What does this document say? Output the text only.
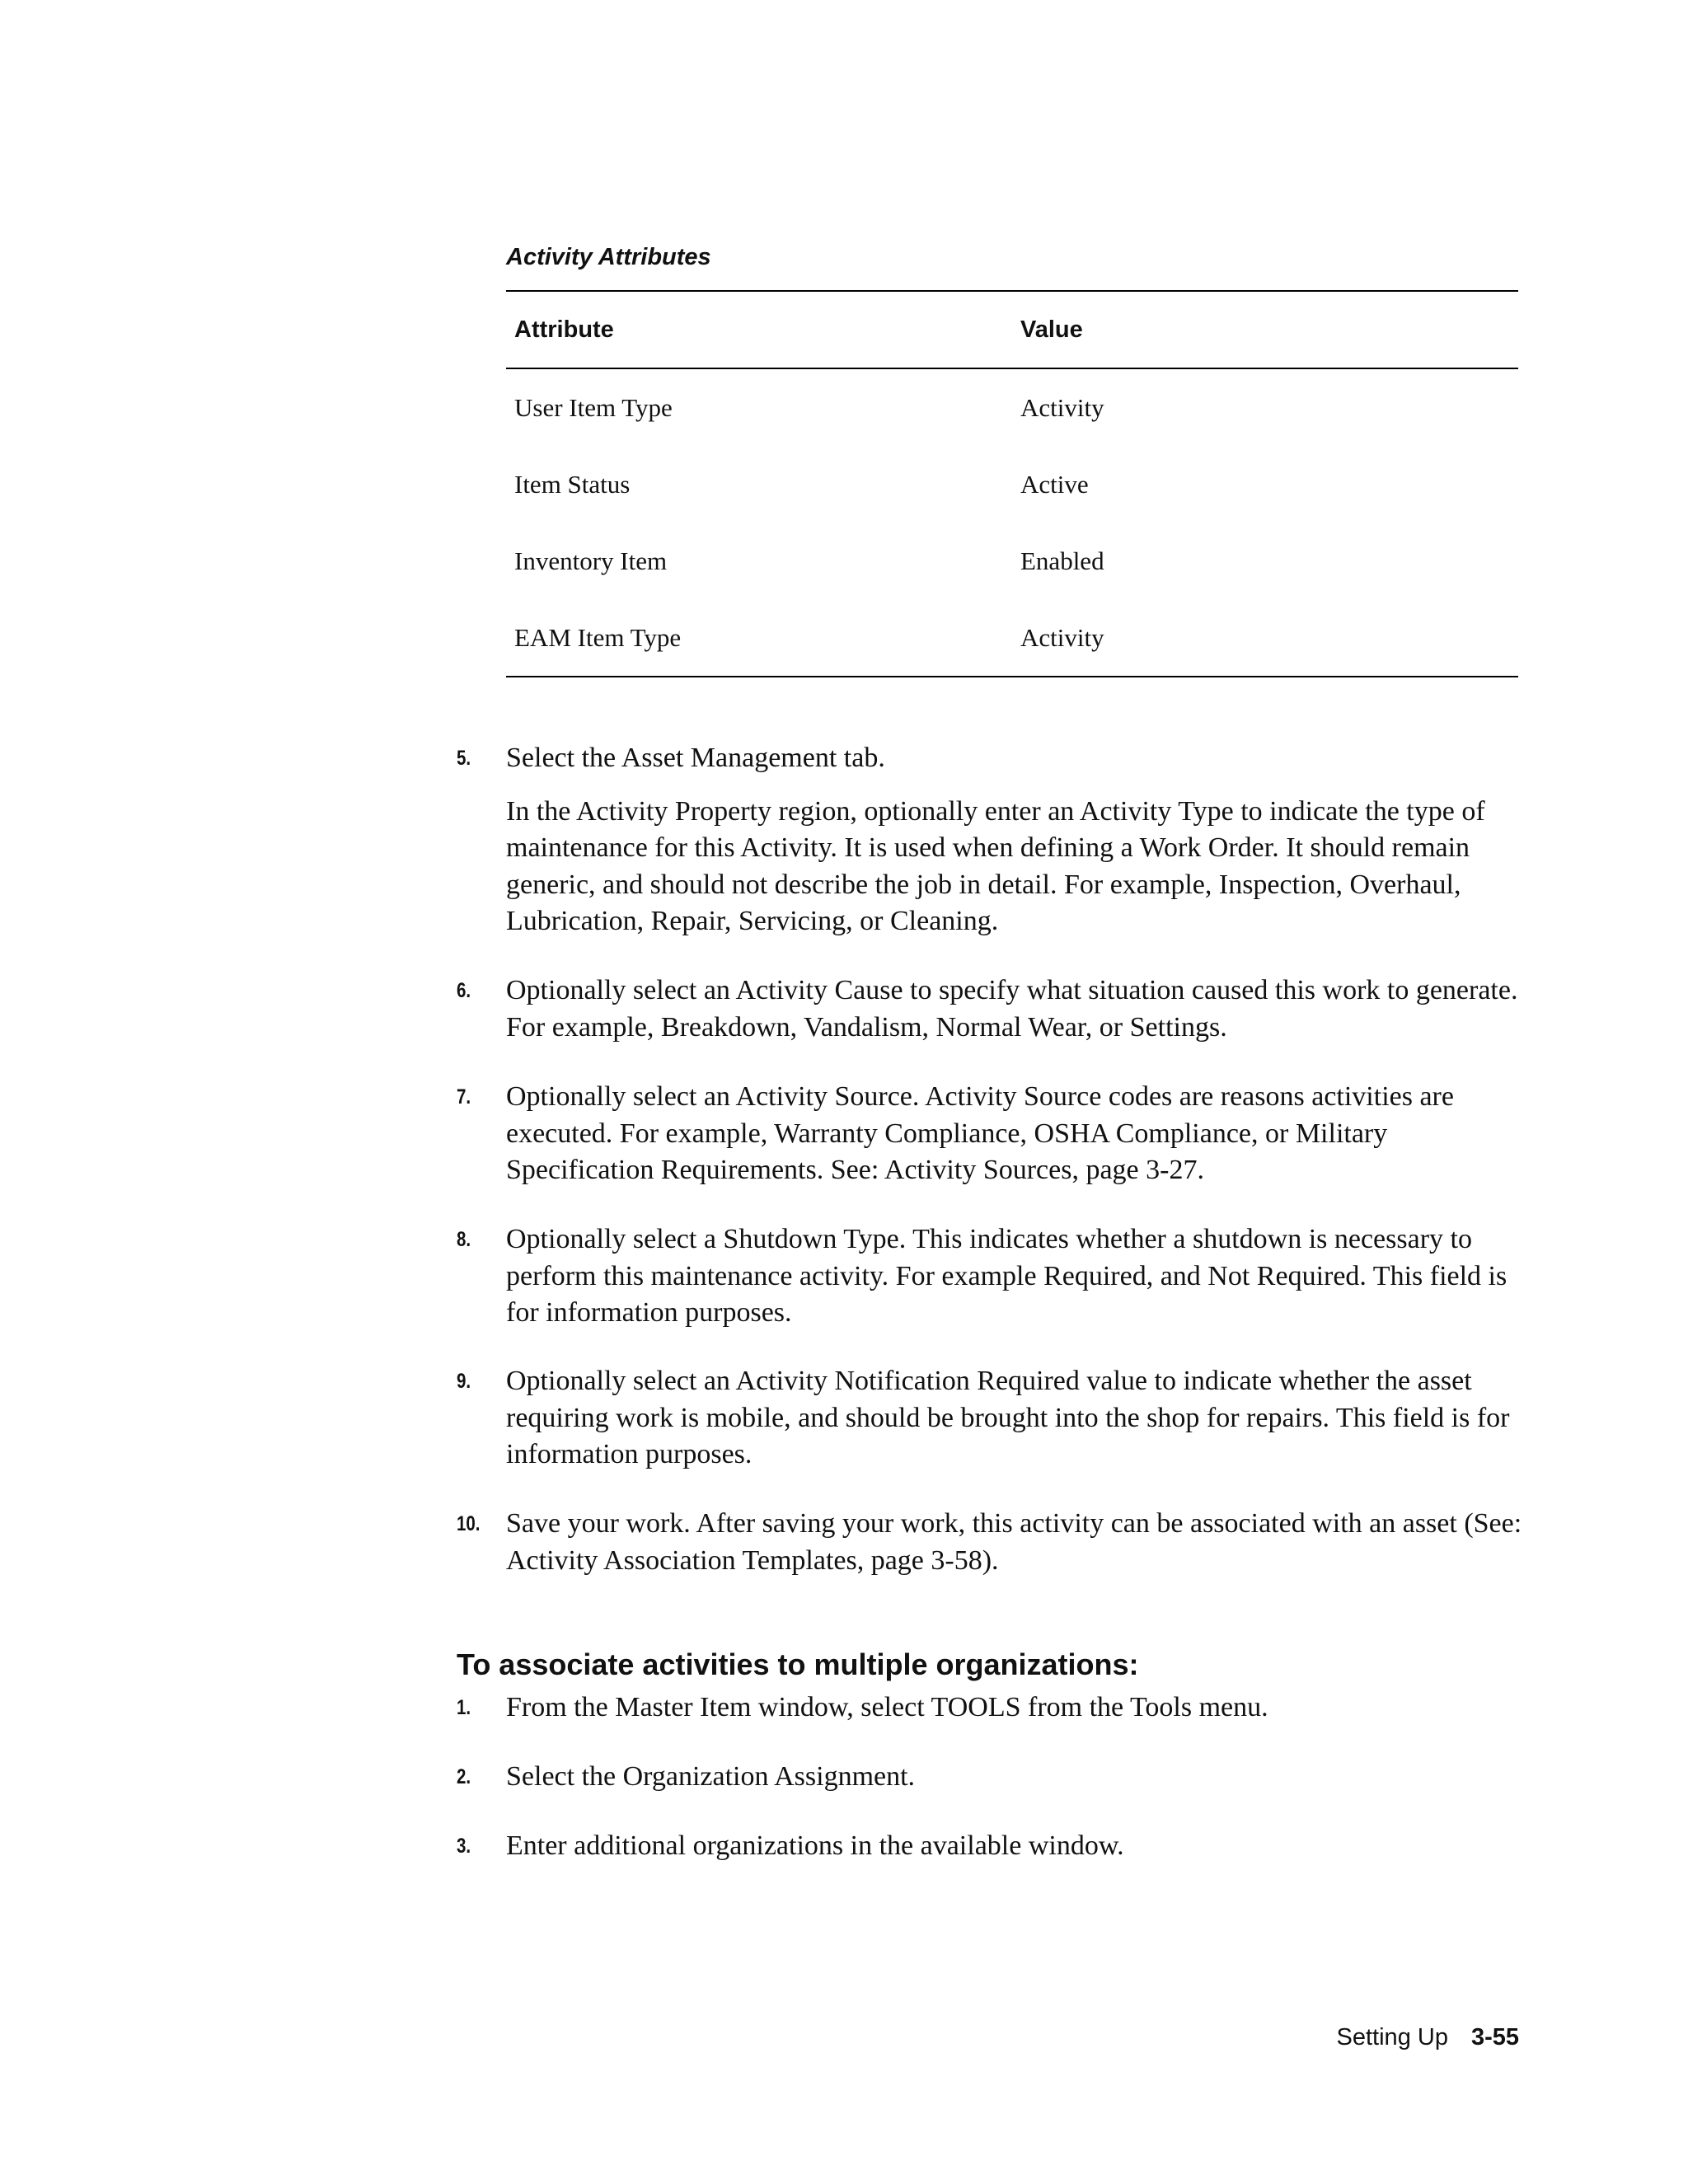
Activity Attributes
Attribute	Value
User Item Type	Activity
Item Status	Active
Inventory Item	Enabled
EAM Item Type	Activity
5.	Select the Asset Management tab.

In the Activity Property region, optionally enter an Activity Type to indicate the type of maintenance for this Activity. It is used when defining a Work Order. It should remain generic, and should not describe the job in detail. For example, Inspection, Overhaul, Lubrication, Repair, Servicing, or Cleaning.

6.	Optionally select an Activity Cause to specify what situation caused this work to generate. For example, Breakdown, Vandalism, Normal Wear, or Settings.

7.	Optionally select an Activity Source. Activity Source codes are reasons activities are executed. For example, Warranty Compliance, OSHA Compliance, or Military Specification Requirements. See: Activity Sources, page 3-27.

8.	Optionally select a Shutdown Type. This indicates whether a shutdown is necessary to perform this maintenance activity. For example Required, and Not Required. This field is for information purposes.

9.	Optionally select an Activity Notification Required value to indicate whether the asset requiring work is mobile, and should be brought into the shop for repairs. This field is for information purposes.

10. Save your work. After saving your work, this activity can be associated with an asset (See: Activity Association Templates, page 3-58).

To associate activities to multiple organizations:
1.	From the Master Item window, select TOOLS from the Tools menu.

2.	Select the Organization Assignment.

3.	Enter additional organizations in the available window.

Setting Up 3-55
